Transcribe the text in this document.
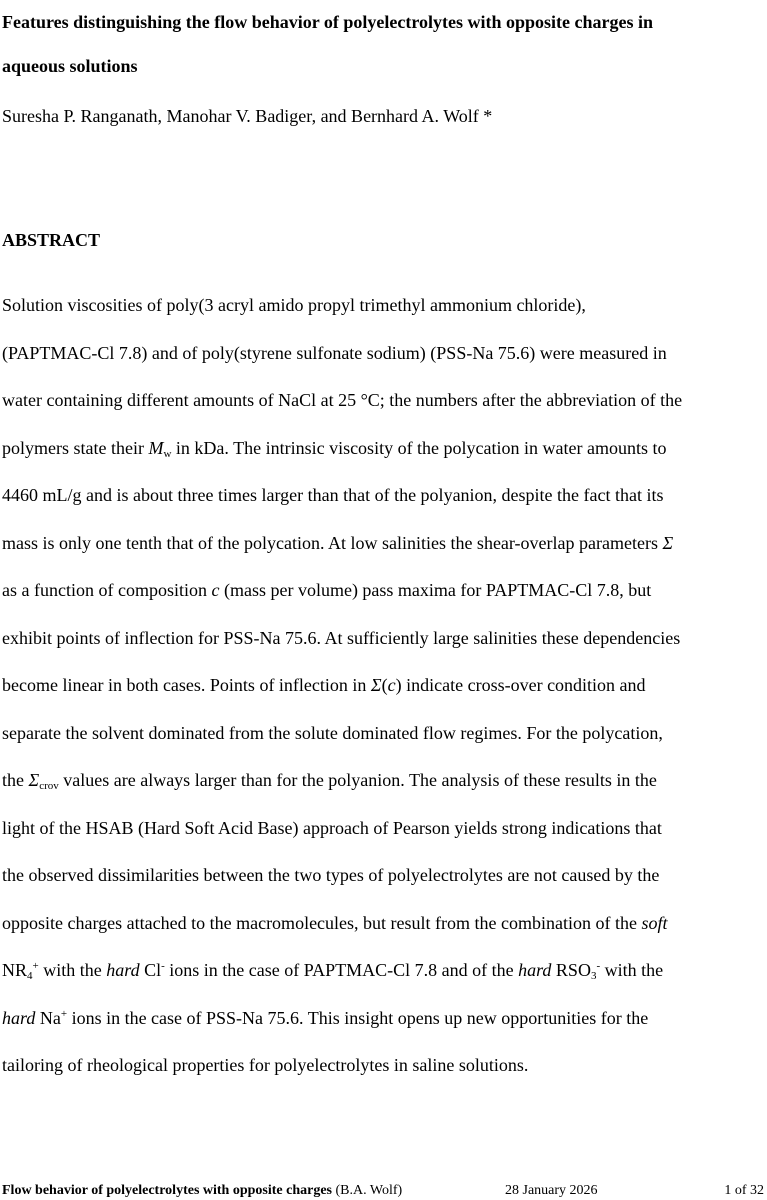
Features distinguishing the flow behavior of polyelectrolytes with opposite charges in
aqueous solutions

Suresha P. Ranganath, Manohar V. Badiger, and Bernhard A. Wolf *

ABSTRACT
Solution viscosities of poly(3 acryl amido propyl trimethyl ammonium chloride),
(PAPTMAC-Cl 7.8) and of poly(styrene sulfonate sodium) (PSS-Na 75.6) were measured in
water containing different amounts of NaCl at 25 °C; the numbers after the abbreviation of the
polymers state their $M_w$ in kDa. The intrinsic viscosity of the polycation in water amounts to
4460 mL/g and is about three times larger than that of the polyanion, despite the fact that its
mass is only one tenth that of the polycation. At low salinities the shear-overlap parameters Σ
as a function of composition c (mass per volume) pass maxima for PAPTMAC-Cl 7.8, but
exhibit points of inflection for PSS-Na 75.6. At sufficiently large salinities these dependencies
become linear in both cases. Points of inflection in Σ(c) indicate cross-over condition and
separate the solvent dominated from the solute dominated flow regimes. For the polycation,
the $\Sigma_{crov}$ values are always larger than for the polyanion. The analysis of these results in the
light of the HSAB (Hard Soft Acid Base) approach of Pearson yields strong indications that
the observed dissimilarities between the two types of polyelectrolytes are not caused by the
opposite charges attached to the macromolecules, but result from the combination of the soft
$NR_4^+$ with the hard Cl- ions in the case of PAPTMAC-Cl 7.8 and of the hard $RSO_3^-$ with the
hard Na+ ions in the case of PSS-Na 75.6. This insight opens up new opportunities for the
tailoring of rheological properties for polyelectrolytes in saline solutions.
Flow behavior of polyelectrolytes with opposite charges (B.A. Wolf)	28 January 2026	1 of 32
